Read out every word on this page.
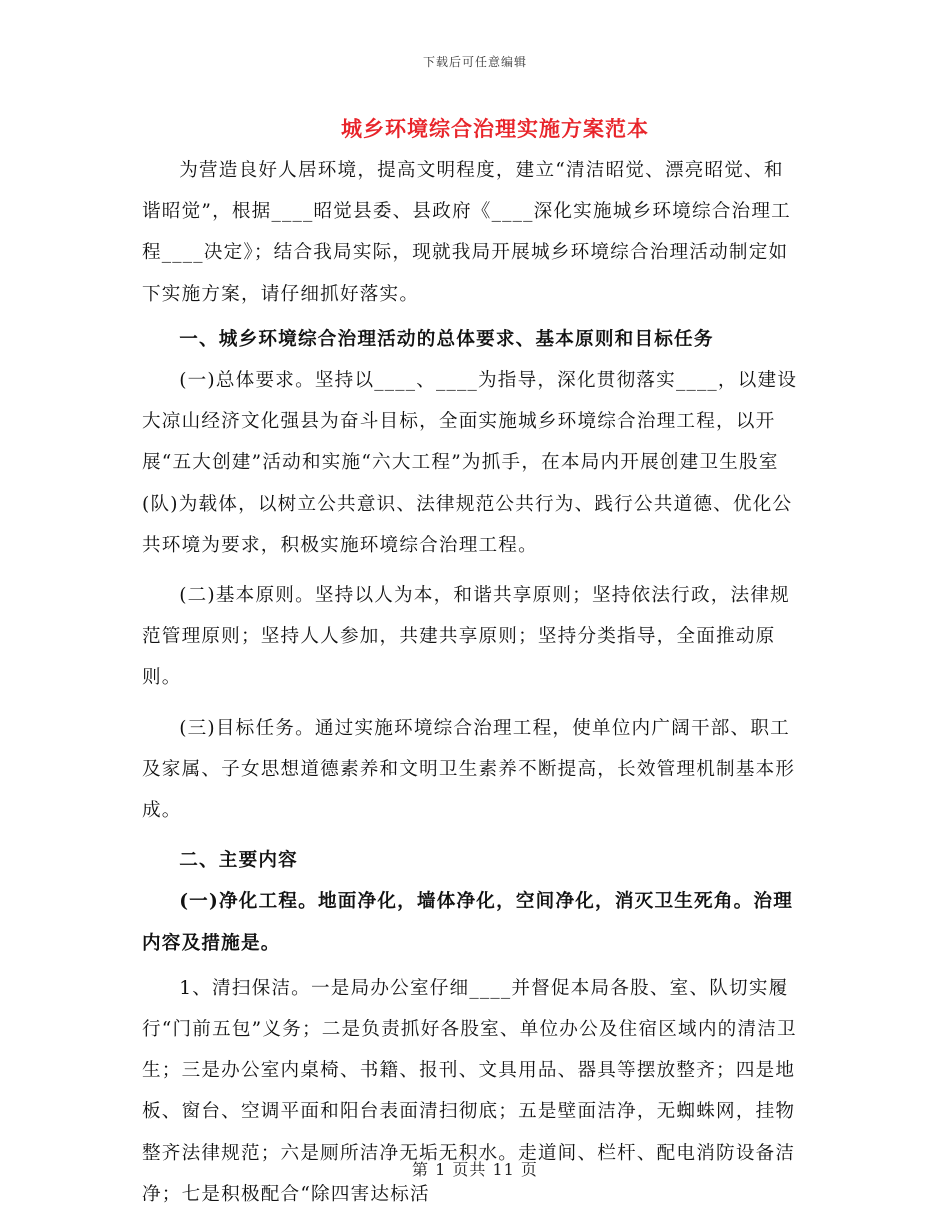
下载后可任意编辑
城乡环境综合治理实施方案范本

为营造良好人居环境，提高文明程度，建立“清洁昭觉、漂亮昭觉、和谐昭觉”，根据____昭觉县委、县政府《____深化实施城乡环境综合治理工程____决定》；结合我局实际，现就我局开展城乡环境综合治理活动制定如下实施方案，请仔细抓好落实。

一、城乡环境综合治理活动的总体要求、基本原则和目标任务

(一)总体要求。坚持以____、____为指导，深化贯彻落实____，以建设大凉山经济文化强县为奋斗目标，全面实施城乡环境综合治理工程，以开展“五大创建”活动和实施“六大工程”为抓手，在本局内开展创建卫生股室(队)为载体，以树立公共意识、法律规范公共行为、践行公共道德、优化公共环境为要求，积极实施环境综合治理工程。

(二)基本原则。坚持以人为本，和谐共享原则；坚持依法行政，法律规范管理原则；坚持人人参加，共建共享原则；坚持分类指导，全面推动原则。

(三)目标任务。通过实施环境综合治理工程，使单位内广阔干部、职工及家属、子女思想道德素养和文明卫生素养不断提高，长效管理机制基本形成。

二、主要内容

(一)净化工程。地面净化，墙体净化，空间净化，消灭卫生死角。治理内容及措施是。

1、清扫保洁。一是局办公室仔细____并督促本局各股、室、队切实履行“门前五包”义务；二是负责抓好各股室、单位办公及住宿区域内的清洁卫生；三是办公室内桌椅、书籍、报刊、文具用品、器具等摆放整齐；四是地板、窗台、空调平面和阳台表面清扫彻底；五是壁面洁净，无蜘蛛网，挂物整齐法律规范；六是厕所洁净无垢无积水。走道间、栏杆、配电消防设备洁净；七是积极配合“除四害达标活

第 1 页共 11 页
